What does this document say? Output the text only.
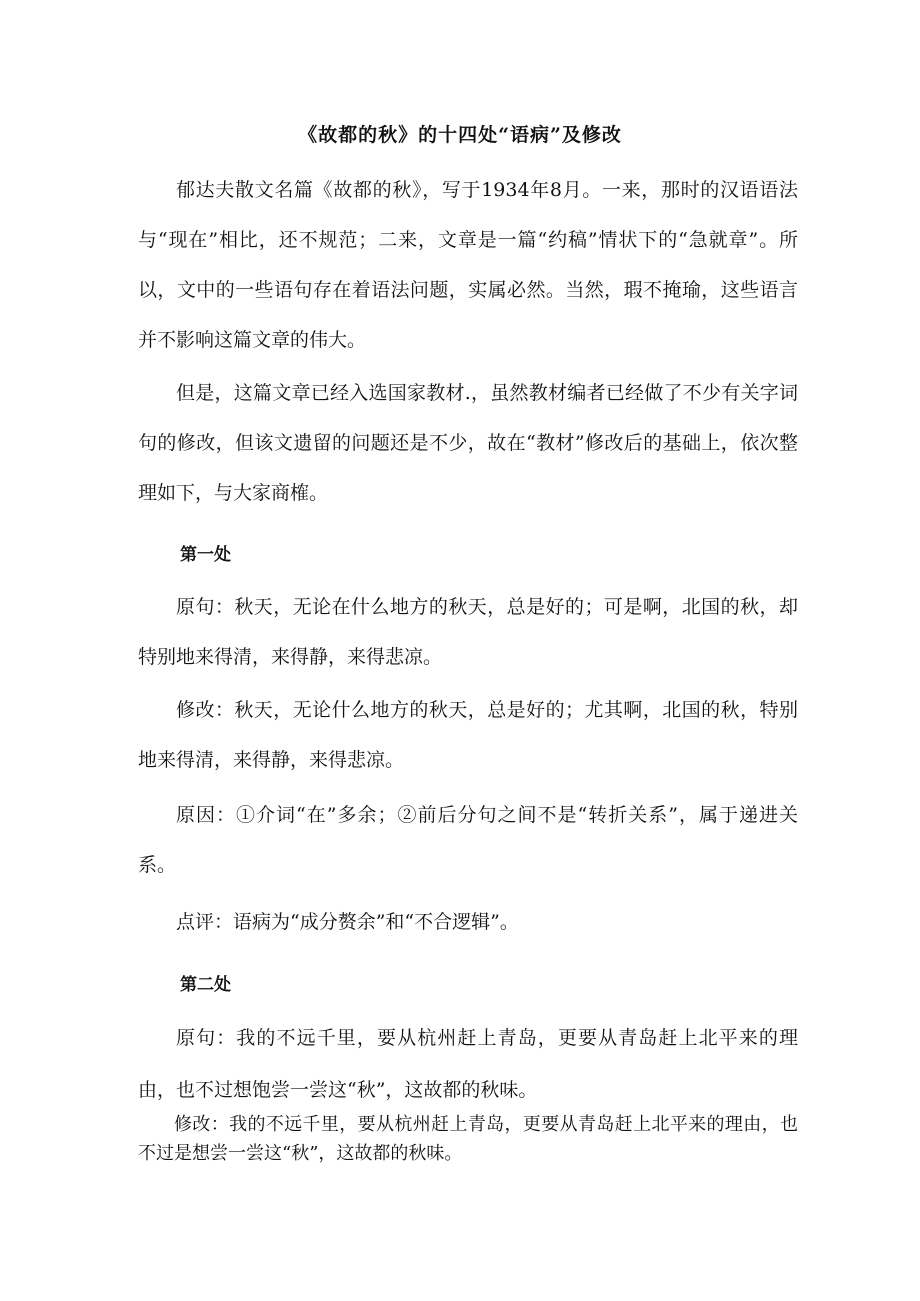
《故都的秋》的十四处“语病”及修改

郁达夫散文名篇《故都的秋》，写于1934年8月。一来，那时的汉语语法与“现在”相比，还不规范；二来，文章是一篇“约稿”情状下的“急就章”。所以，文中的一些语句存在着语法问题，实属必然。当然，瑕不掩瑜，这些语言并不影响这篇文章的伟大。

但是，这篇文章已经入选国家教材.，虽然教材编者已经做了不少有关字词句的修改，但该文遗留的问题还是不少，故在“教材”修改后的基础上，依次整理如下，与大家商榷。

第一处

原句：秋天，无论在什么地方的秋天，总是好的；可是啊，北国的秋，却特别地来得清，来得静，来得悲凉。

修改：秋天，无论什么地方的秋天，总是好的；尤其啊，北国的秋，特别地来得清，来得静，来得悲凉。

原因：①介词“在”多余；②前后分句之间不是“转折关系”，属于递进关系。

点评：语病为“成分赘余”和“不合逻辑”。

第二处

原句：我的不远千里，要从杭州赶上青岛，更要从青岛赶上北平来的理由，也不过想饱尝一尝这“秋”，这故都的秋味。

修改：我的不远千里，要从杭州赶上青岛，更要从青岛赶上北平来的理由，也不过是想尝一尝这“秋”，这故都的秋味。
